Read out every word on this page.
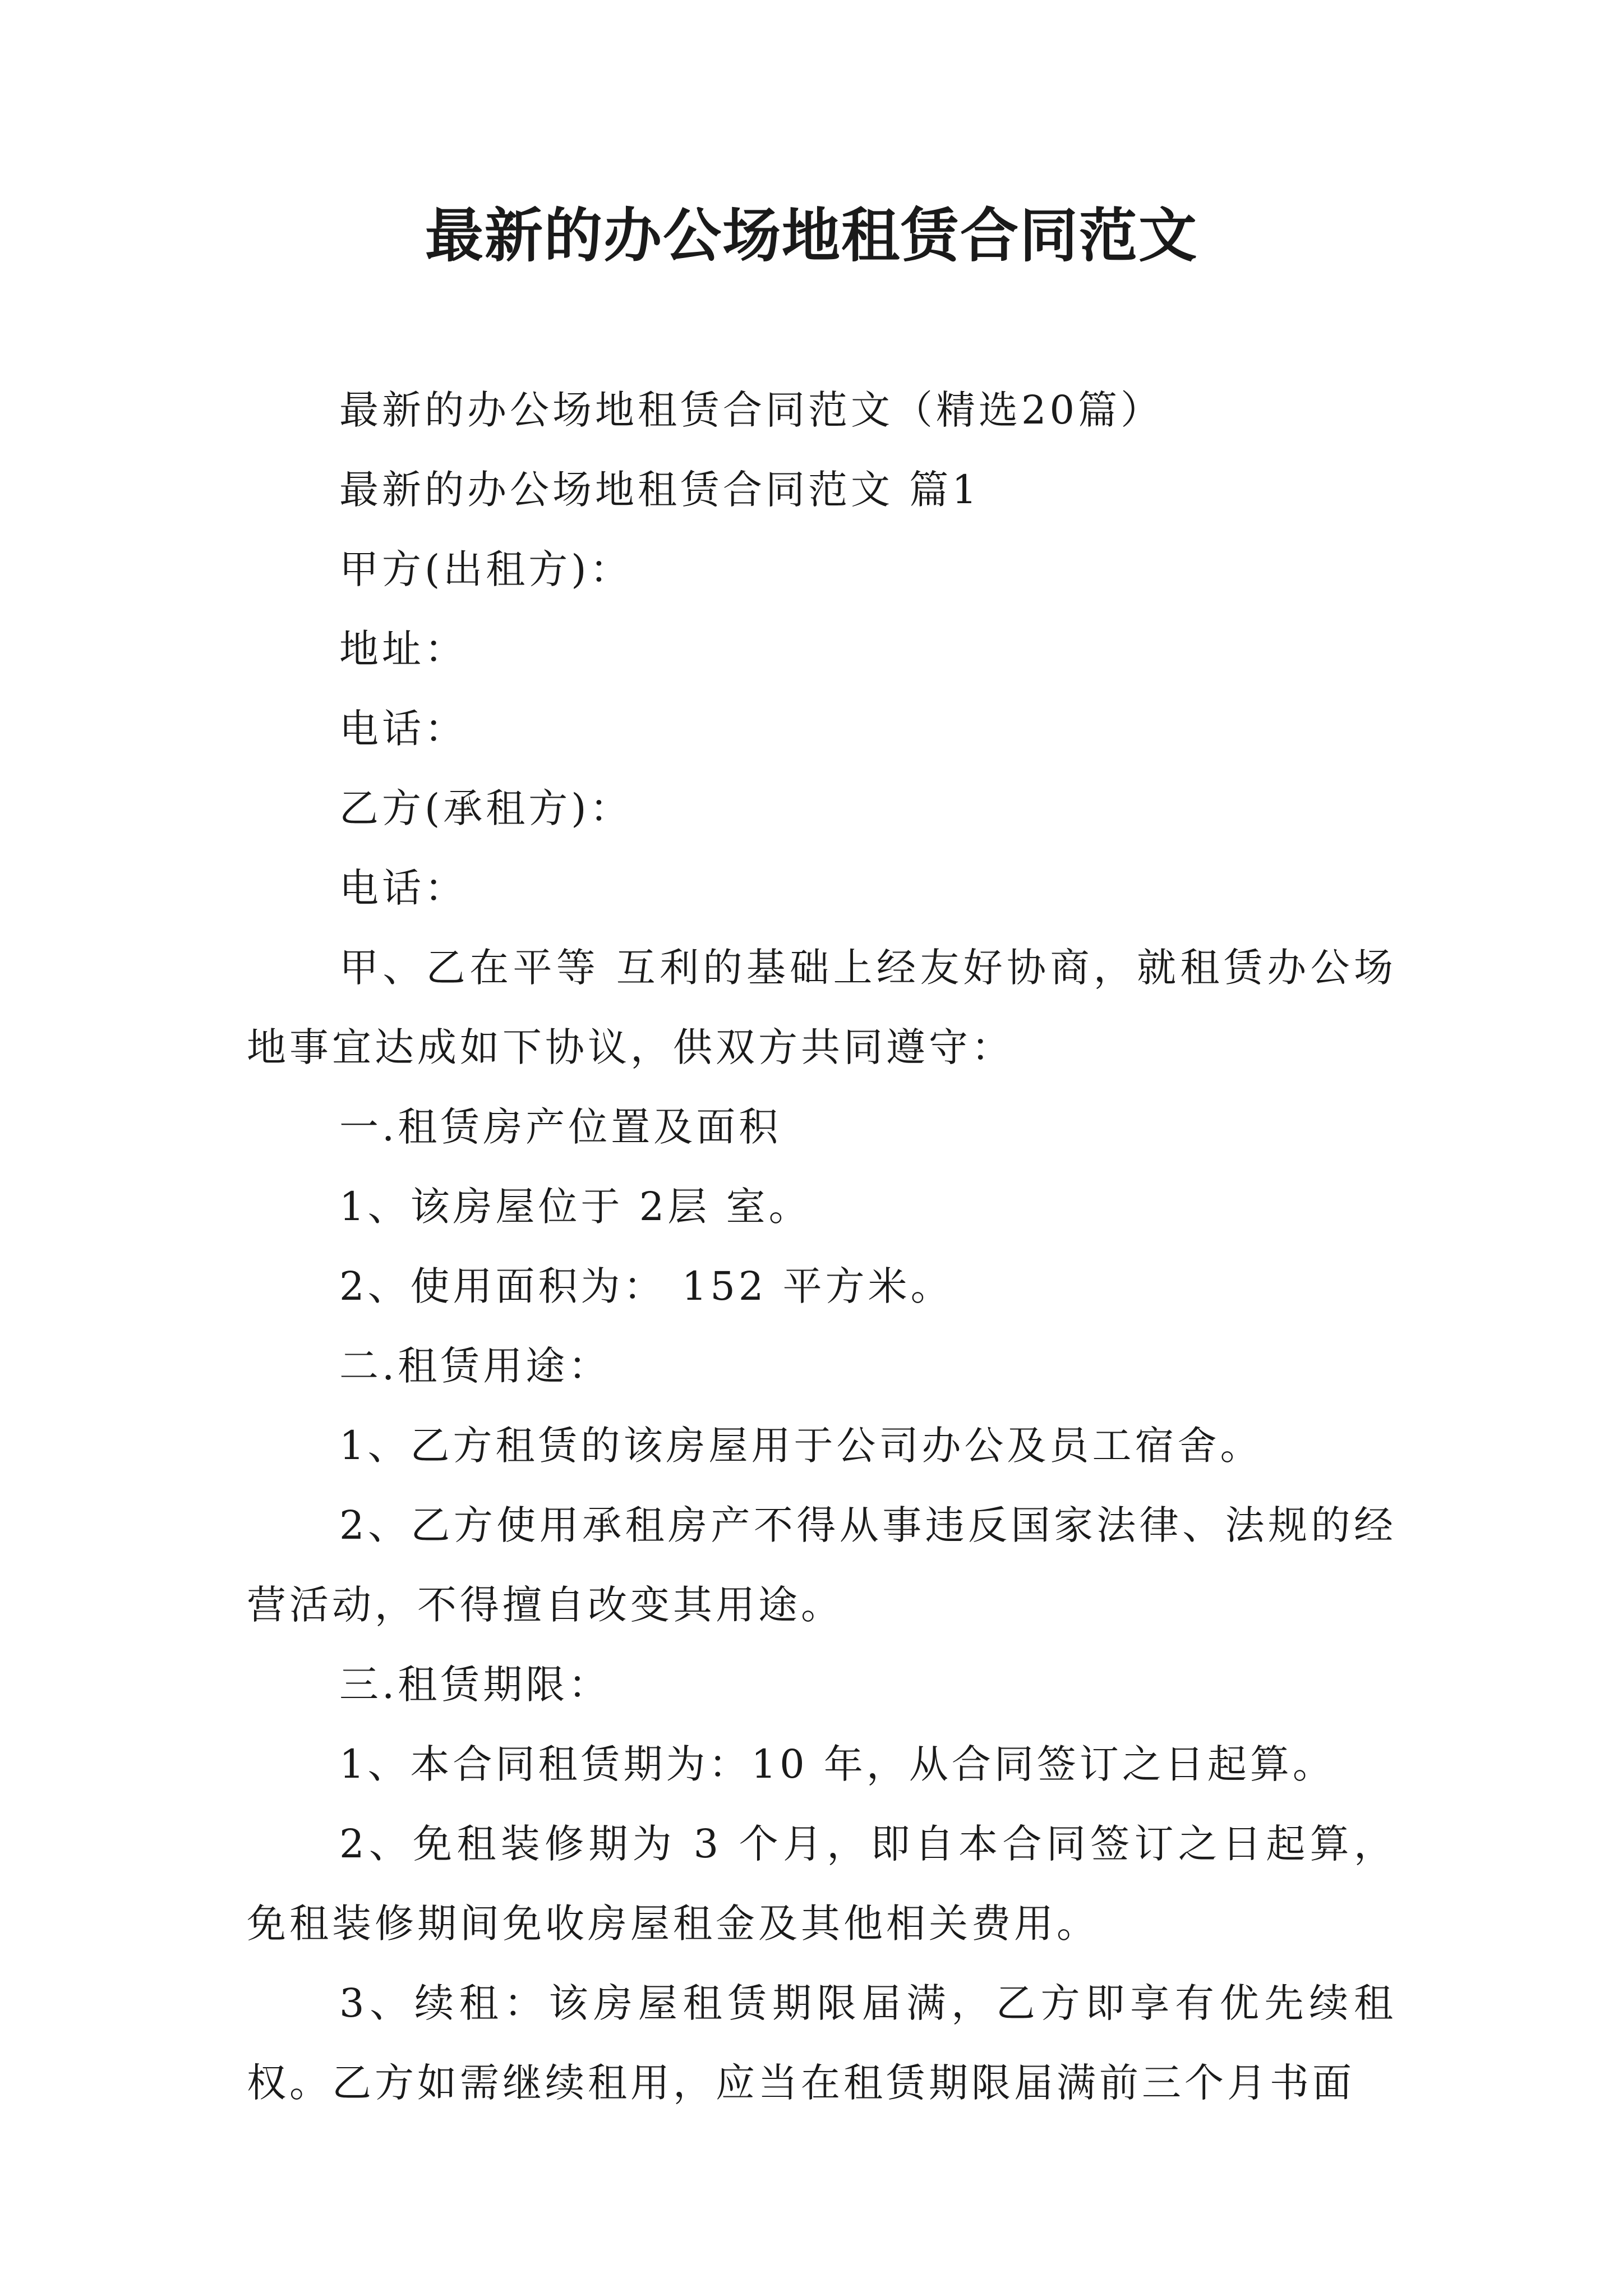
最新的办公场地租赁合同范文

最新的办公场地租赁合同范文（精选20篇）

最新的办公场地租赁合同范文 篇1

甲方(出租方)：

地址：

电话：

乙方(承租方)：

电话：

甲、乙在平等 互利的基础上经友好协商，就租赁办公场地事宜达成如下协议，供双方共同遵守：

一.租赁房产位置及面积

1、该房屋位于 2层 室。

2、使用面积为： 152 平方米。

二.租赁用途：

1、乙方租赁的该房屋用于公司办公及员工宿舍。

2、乙方使用承租房产不得从事违反国家法律、法规的经营活动，不得擅自改变其用途。

三.租赁期限：

1、本合同租赁期为：10 年，从合同签订之日起算。

2、免租装修期为 3 个月，即自本合同签订之日起算，免租装修期间免收房屋租金及其他相关费用。

3、续租：该房屋租赁期限届满，乙方即享有优先续租权。乙方如需继续租用，应当在租赁期限届满前三个月书面
